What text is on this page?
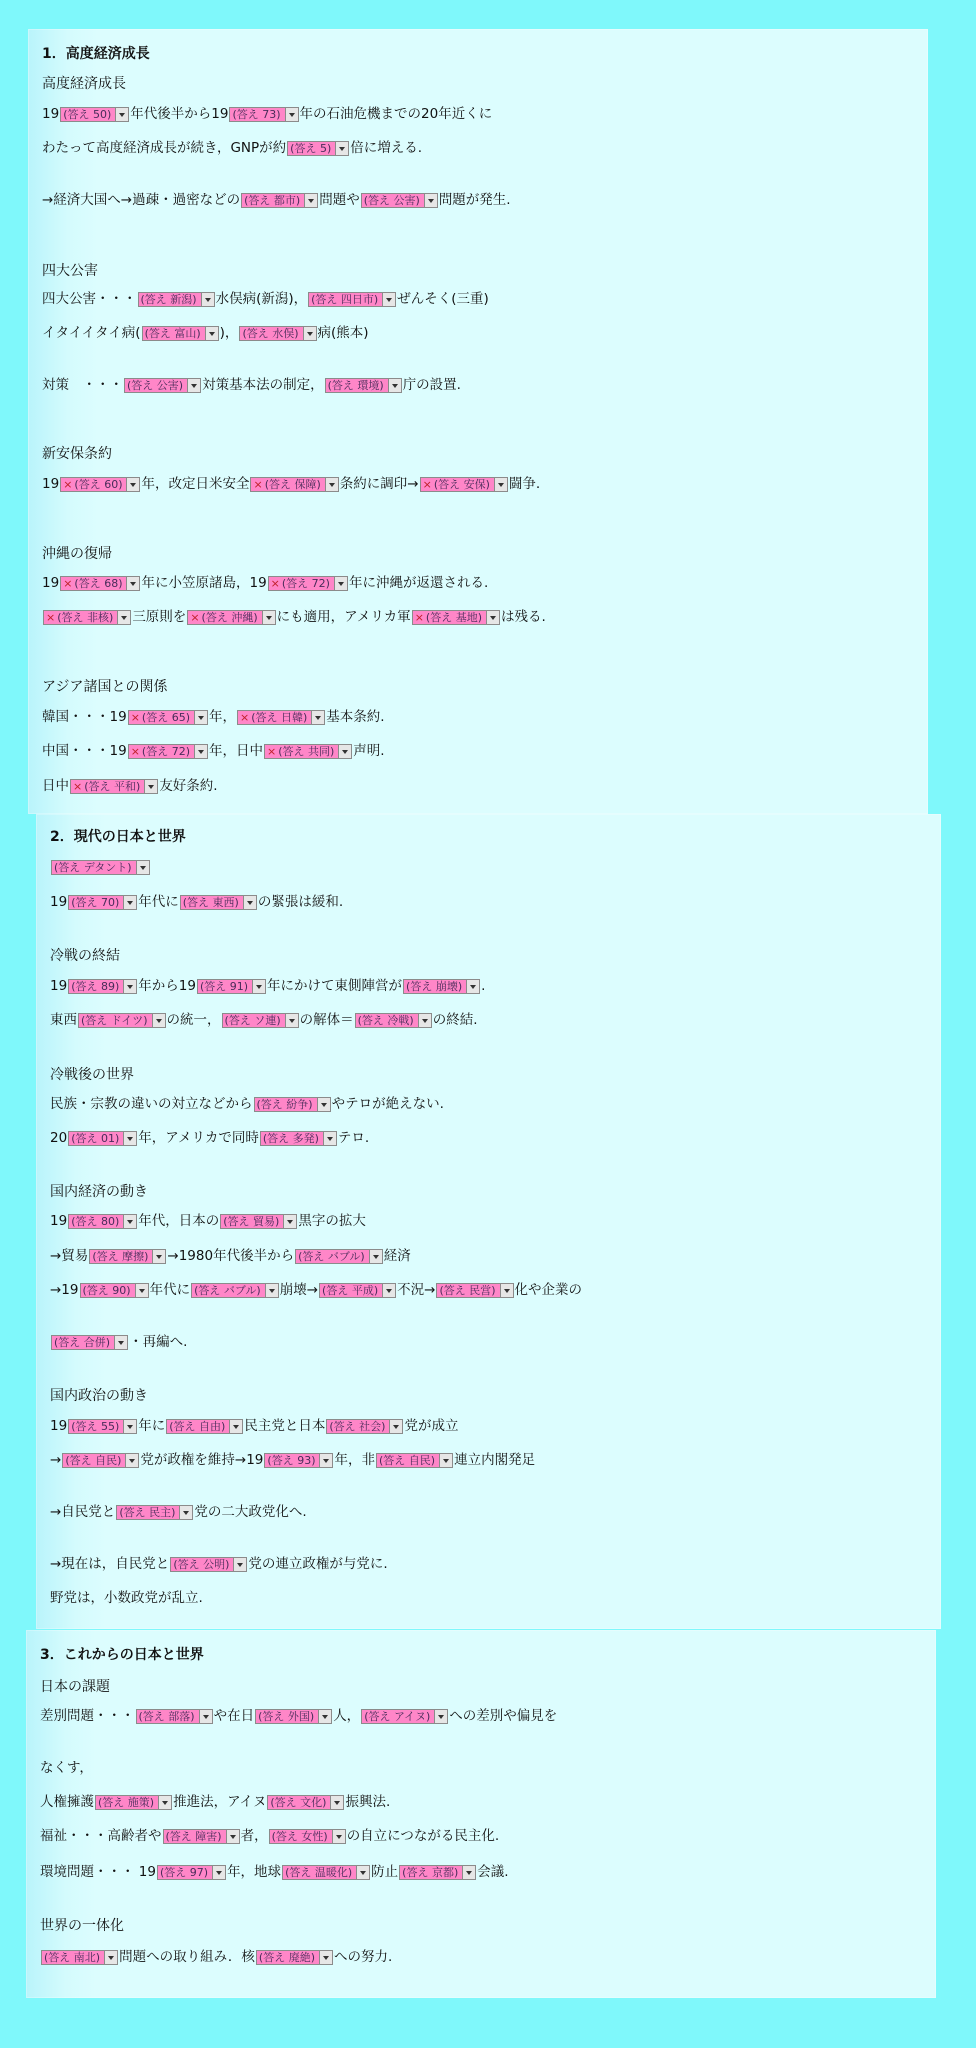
1．高度経済成長
高度経済成長
19 (答え 50) 年代後半から19 (答え 73) 年の石油危機までの20年近くに
わたって高度経済成長が続き，GNPが約 (答え 5) 倍に増える.
→経済大国へ→過疎・過密などの (答え 都市) 問題や (答え 公害) 問題が発生.
四大公害
四大公害・・・ (答え 新潟) 水俣病(新潟)， (答え 四日市) ぜんそく(三重)
イタイイタイ病( (答え 富山) )， (答え 水俣) 病(熊本)
対策　・・・ (答え 公害) 対策基本法の制定， (答え 環境) 庁の設置.
新安保条約
19 × (答え 60) 年，改定日米安全 × (答え 保障) 条約に調印→ × (答え 安保) 闘争.
沖縄の復帰
19 × (答え 68) 年に小笠原諸島，19 × (答え 72) 年に沖縄が返還される.
× (答え 非核) 三原則を × (答え 沖縄) にも適用，アメリカ軍 × (答え 基地) は残る.
アジア諸国との関係
韓国・・・19 × (答え 65) 年， × (答え 日韓) 基本条約.
中国・・・19 × (答え 72) 年，日中 × (答え 共同) 声明.
日中 × (答え 平和) 友好条約.
2．現代の日本と世界
(答え デタント)
19 (答え 70) 年代に (答え 東西) の緊張は緩和.
冷戦の終結
19 (答え 89) 年から19 (答え 91) 年にかけて東側陣営が (答え 崩壊) .
東西 (答え ドイツ) の統一， (答え ソ連) の解体＝ (答え 冷戦) の終結.
冷戦後の世界
民族・宗教の違いの対立などから (答え 紛争) やテロが絶えない.
20 (答え 01) 年，アメリカで同時 (答え 多発) テロ.
国内経済の動き
19 (答え 80) 年代，日本の (答え 貿易) 黒字の拡大
→貿易 (答え 摩擦) →1980年代後半から (答え バブル) 経済
→19 (答え 90) 年代に (答え バブル) 崩壊→ (答え 平成) 不況→ (答え 民営) 化や企業の
(答え 合併) ・再編へ.
国内政治の動き
19 (答え 55) 年に (答え 自由) 民主党と日本 (答え 社会) 党が成立
→ (答え 自民) 党が政権を維持→19 (答え 93) 年，非 (答え 自民) 連立内閣発足
→自民党と (答え 民主) 党の二大政党化へ.
→現在は，自民党と (答え 公明) 党の連立政権が与党に.
野党は，小数政党が乱立.
3．これからの日本と世界
日本の課題
差別問題・・・ (答え 部落) や在日 (答え 外国) 人， (答え アイヌ) への差別や偏見を
なくす，
人権擁護 (答え 施策) 推進法，アイヌ (答え 文化) 振興法.
福祉・・・高齢者や (答え 障害) 者， (答え 女性) の自立につながる民主化.
環境問題・・・ 19 (答え 97) 年，地球 (答え 温暖化) 防止 (答え 京都) 会議.
世界の一体化
(答え 南北) 問題への取り組み．核 (答え 廃絶) への努力.
